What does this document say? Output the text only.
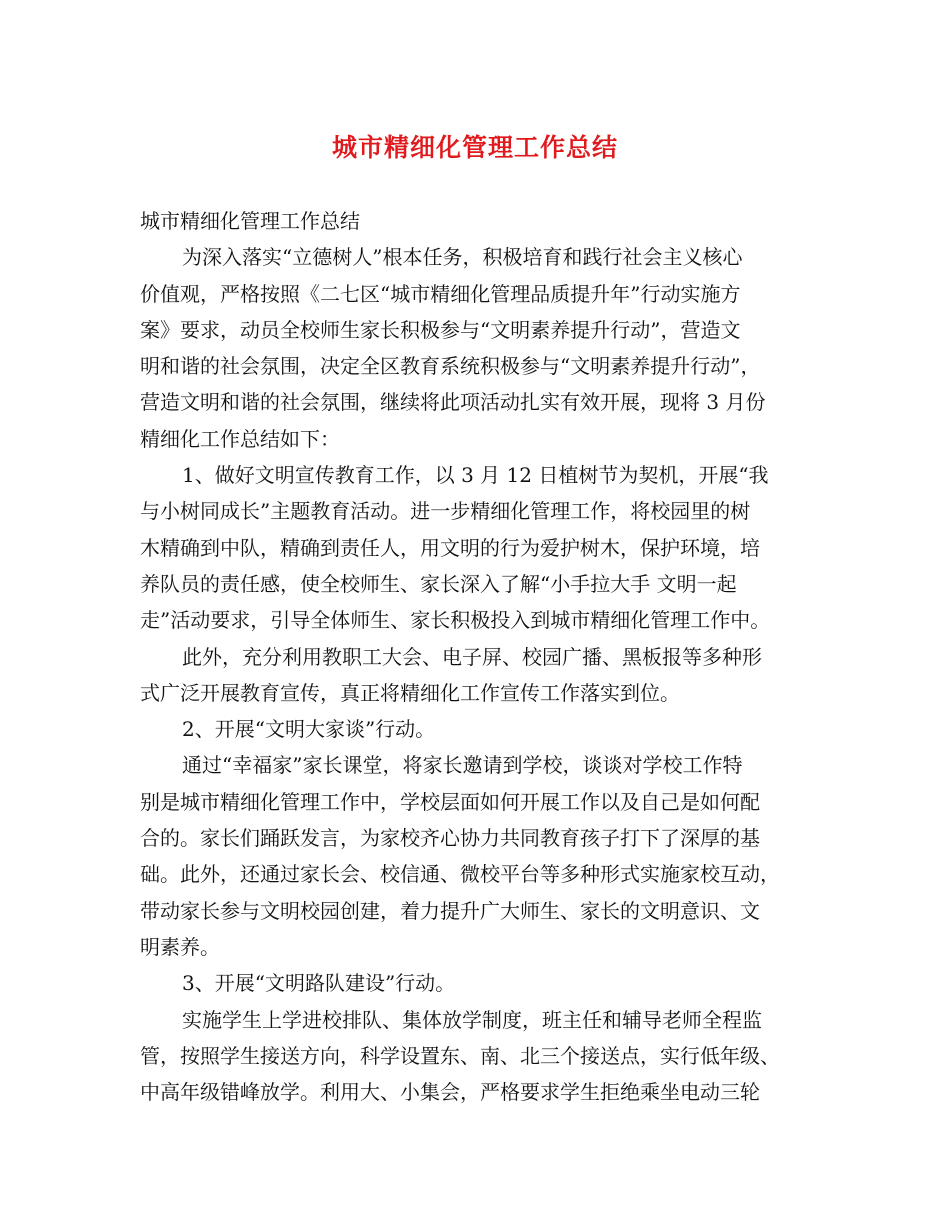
城市精细化管理工作总结
城市精细化管理工作总结
为深入落实“立德树人”根本任务，积极培育和践行社会主义核心
价值观，严格按照《二七区“城市精细化管理品质提升年”行动实施方
案》要求，动员全校师生家长积极参与“文明素养提升行动”，营造文
明和谐的社会氛围，决定全区教育系统积极参与“文明素养提升行动”，
营造文明和谐的社会氛围，继续将此项活动扎实有效开展，现将 3 月份
精细化工作总结如下：
1、做好文明宣传教育工作，以 3 月 12 日植树节为契机，开展“我
与小树同成长”主题教育活动。进一步精细化管理工作，将校园里的树
木精确到中队，精确到责任人，用文明的行为爱护树木，保护环境，培
养队员的责任感，使全校师生、家长深入了解“小手拉大手 文明一起
走”活动要求，引导全体师生、家长积极投入到城市精细化管理工作中。
此外，充分利用教职工大会、电子屏、校园广播、黑板报等多种形
式广泛开展教育宣传，真正将精细化工作宣传工作落实到位。
2、开展“文明大家谈”行动。
通过“幸福家”家长课堂，将家长邀请到学校，谈谈对学校工作特
别是城市精细化管理工作中，学校层面如何开展工作以及自己是如何配
合的。家长们踊跃发言，为家校齐心协力共同教育孩子打下了深厚的基
础。此外，还通过家长会、校信通、微校平台等多种形式实施家校互动，
带动家长参与文明校园创建，着力提升广大师生、家长的文明意识、文
明素养。
3、开展“文明路队建设”行动。
实施学生上学进校排队、集体放学制度，班主任和辅导老师全程监
管，按照学生接送方向，科学设置东、南、北三个接送点，实行低年级、
中高年级错峰放学。利用大、小集会，严格要求学生拒绝乘坐电动三轮
